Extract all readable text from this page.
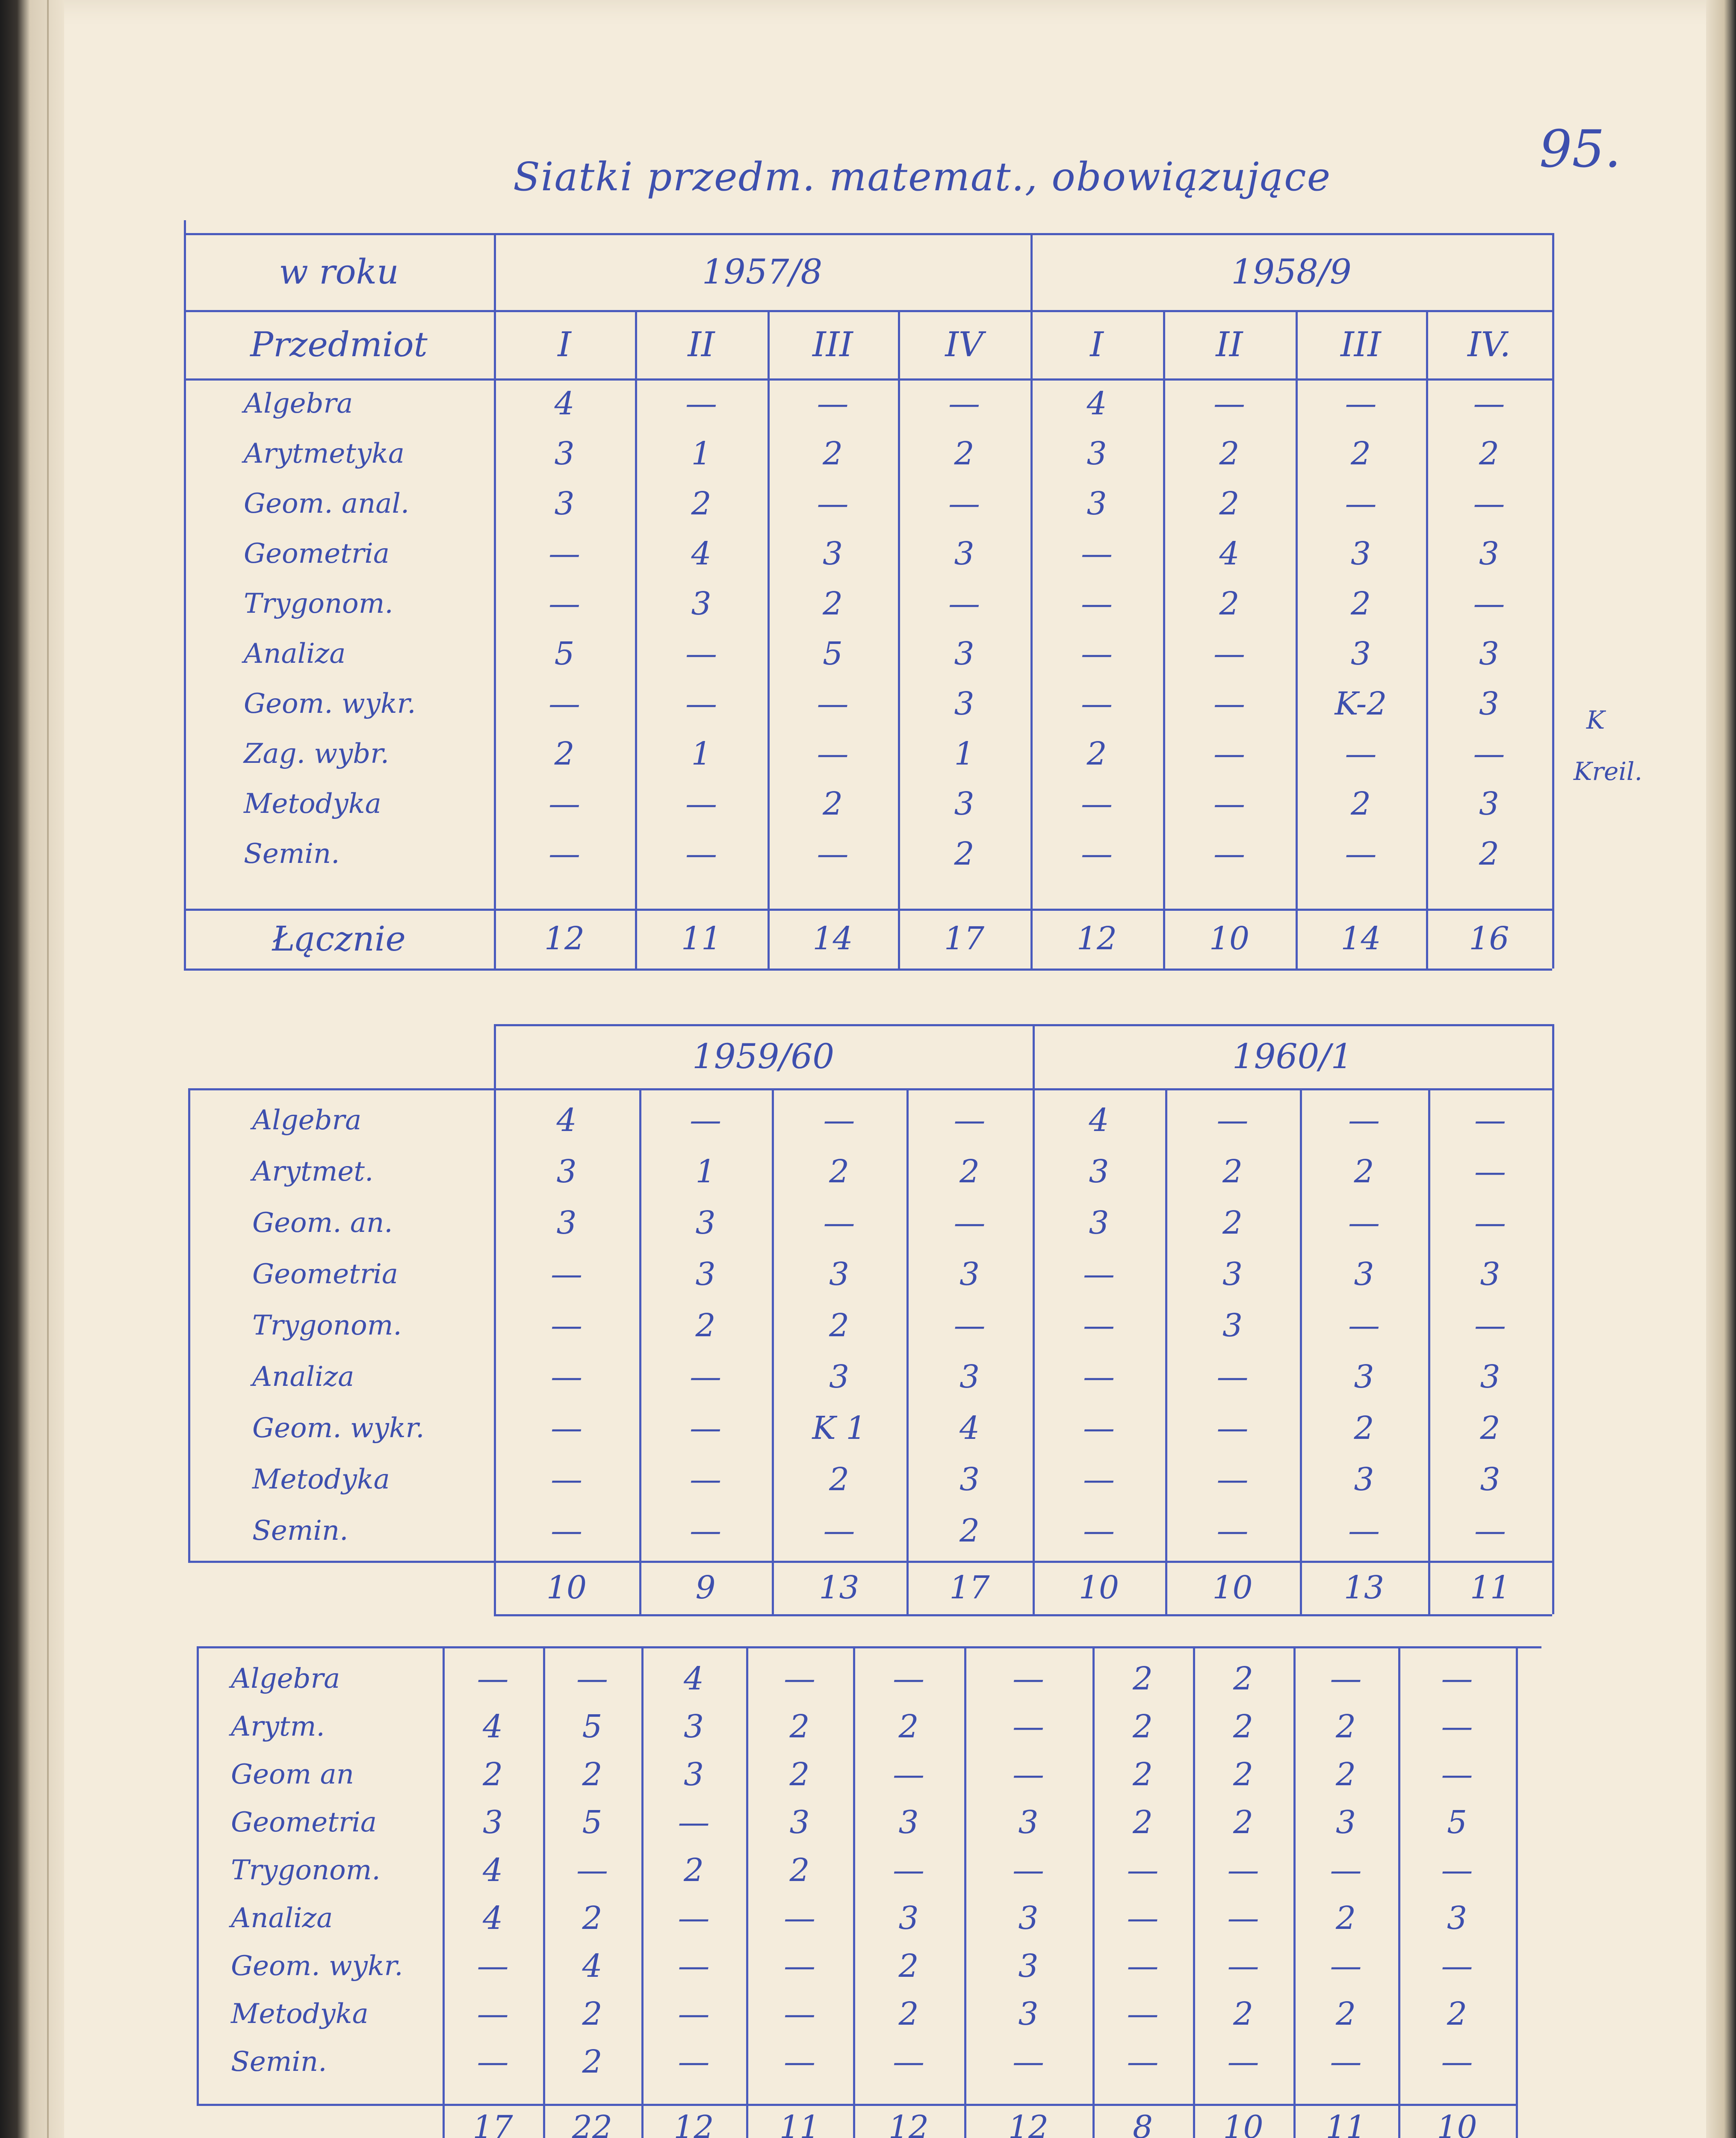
Siatki przedm. matemat., obowiązujące	95.
K
Kreil.
w roku	1957/8	1958/9
Przedmiot	I	II	III	IV	I	II	III	IV.
Algebra	4	—	—	—	4	—	—	—
Arytmetyka	3	1	2	2	3	2	2	2
Geom. anal.	3	2	—	—	3	2	—	—
Geometria	—	4	3	3	—	4	3	3
Trygonom.	—	3	2	—	—	2	2	—
Analiza	5	—	5	3	—	—	3	3
Geom. wykr.	—	—	—	3	—	—	K-2	3
Zag. wybr.	2	1	—	1	2	—	—	—
Metodyka	—	—	2	3	—	—	2	3
Semin.	—	—	—	2	—	—	—	2
Łącznie	12	11	14	17	12	10	14	16
1959/60	1960/1
Algebra	4	—	—	—	4	—	—	—
Arytmet.	3	1	2	2	3	2	2	—
Geom. an.	3	3	—	—	3	2	—	—
Geometria	—	3	3	3	—	3	3	3
Trygonom.	—	2	2	—	—	3	—	—
Analiza	—	—	3	3	—	—	3	3
Geom. wykr.	—	—	K 1	4	—	—	2	2
Metodyka	—	—	2	3	—	—	3	3
Semin.	—	—	—	2	—	—	—	—
10	9	13	17	10	10	13	11
Algebra	—	—	4	—	—	—	2	2	—	—
Arytm.	4	5	3	2	2	—	2	2	2	—
Geom an	2	2	3	2	—	—	2	2	2	—
Geometria	3	5	—	3	3	3	2	2	3	5
Trygonom.	4	—	2	2	—	—	—	—	—	—
Analiza	4	2	—	—	3	3	—	—	2	3
Geom. wykr.	—	4	—	—	2	3	—	—	—	—
Metodyka	—	2	—	—	2	3	—	2	2	2
Semin.	—	2	—	—	—	—	—	—	—	—
17	22	12	11	12	12	8	10	11	10
